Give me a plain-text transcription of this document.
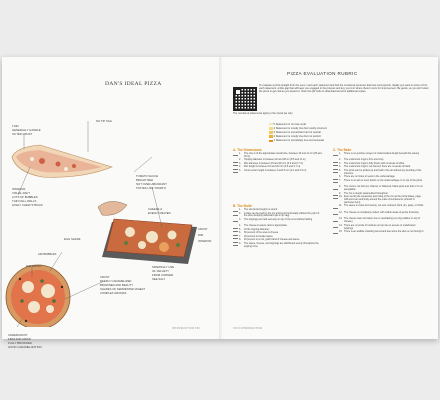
DAN'S IDEAL PIZZA
THIN
GENERALLY HANDLE
OUTER CRUST
NO TIP SAG
INTERIOR
VISUAL RAFT
LOTS OF BUBBLES
THIN CELL WALLS
LIKELY CHEW STRUCK
TOMATO SAUCE
BRIGHT RED
NOT OVER-ABUNDANT
TASTES LIKE TOMATO
CHEESE &
EVENLY MELTED
CRUST
RIM
INTERIOR
EGG SHAPE
AIR BUBBLES
RIM CRUST
UNDERCRUST
FIRM AND CRISP
FULLY BROWNED
GOOD CARAMELIZATION
CRUST
DEEPLY CARAMELIZED
BROWNED AND BEAUTY
SHADES OF FERMENTED WHEAT
COMPLEX AROMAS
SPARINGLY USE
OF VELVETY
FROM CORNER
SEE SALT
INTRODUCTION XXII
PIZZA EVALUATION RUBRIC
To evaluate a pizza straight from the oven, read each statement and find the numbered sentence that best corresponds. Ideally you want to score a 5 for each statement, a little gap that will keep you engaged in the process and key you to in where there's room for improvement. Be gentle, as you don't want the pizza to get cold as you assess it. Scan the QR code to download and print additional copies.
The numbered statements apply to the mixed pie only.
5
Statement is not true at all
4
Statement is mostly true but mostly incorrect
3
Statement is somewhat true but neutral
2
Statement is mostly true but not perfect
1
Statement is completely true and accurate
A. The Dimensions
1.	The size is of the appropriate overall size, between 10 and 11 cm (25 and 30 in)
2.	Topping diameter is between 22 and 28 cm (8.5 and 11 in)
3.	Rim diameter is between 15 and 20 mm (0.6 and 0.7 in)
4.	Rim height is between 15 and 20 mm (0.6 and 0.7 in)
5.	Crust center height is between 3 and 5 mm (0.1 and 0.2 in)
B. The Build
1.	The structural integrity is sound
2.	A slice can be held by the rim and bend horizontally without the point of the slice drooping downward (as in tip sag)
3.	The toppings are held securely on top of the crust without sliding
4.	The cheese-to-sauce ratio is appropriate
5.	Of the topping diameter:
6.	60 percent of the area is cheese
7.	20 percent is tomato sauce
8.	20 percent is a mix, gold brand of cheese and sauce
9.	The sauce, cheese, and toppings are distributed evenly throughout the topping zone
C. The Bake
1.	There is no gumline (a layer of undercooked dough beneath the sauce)
2.	The undercrust rings is firm and crisp
3.	The undercrust rings is fully brown with no areas of white
4.	The undercrust rings is not burned; there are no areas of black
5.	The pizza can be picked up and held in the air without any bending of the structure
6.	There are no holes or tears in the undercarriage
7.	There is no ash or oven debris on the undercarriage or on top of the pizza
8.	The crust is not burned, charred, or blistered; black spots less than 2 cm in acceptable
9.	The rim is deeply caramelized throughout
10. Even as big the expansion and rising of the rim as the pizza bakes, page 108 and even and body around the entire circumference (should ⅓ perimeter burn)
11. The sauce is moist and velvety, not over reduced; thick, dry, pasty, or brittle
12. The cheese is completely melted, with visible areas of gentle browning
13. The cheese has not broken due to overbaking (no oily puddles on top of cheese)
14. There are no pools of moisture on top due to excess or undefrosted toppings
15. There is an audible crackling sound and feel when the slice is cut through it
XXIII INTRODUCTION
